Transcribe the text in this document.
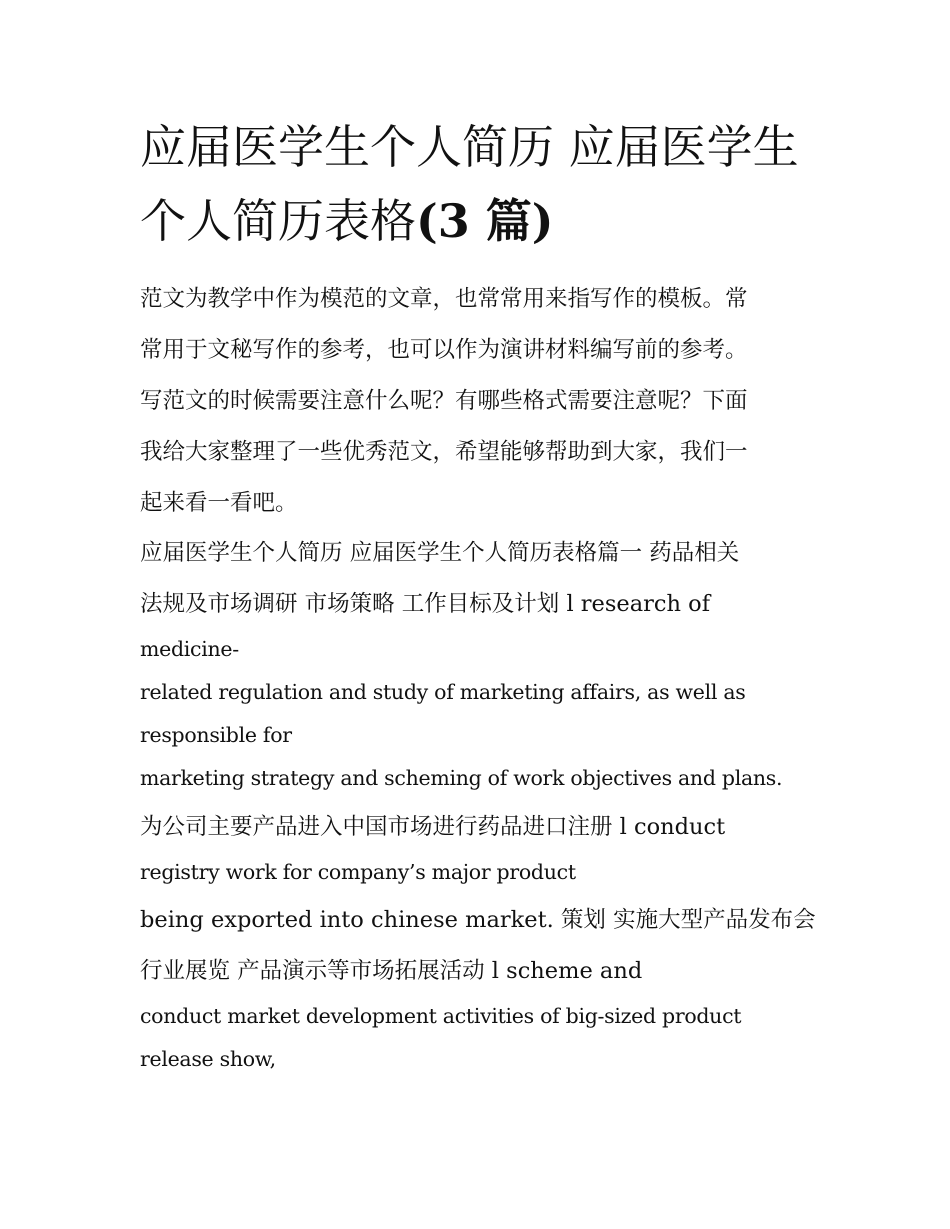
应届医学生个人简历 应届医学生个人简历表格(3 篇)

范文为教学中作为模范的文章，也常常用来指写作的模板。常

常用于文秘写作的参考，也可以作为演讲材料编写前的参考。

写范文的时候需要注意什么呢？有哪些格式需要注意呢？下面

我给大家整理了一些优秀范文，希望能够帮助到大家，我们一

起来看一看吧。

应届医学生个人简历 应届医学生个人简历表格篇一 药品相关

法规及市场调研 市场策略 工作目标及计划 l research of

medicine-

related regulation and study of marketing affairs, as well as

responsible for

marketing strategy and scheming of work objectives and plans.

为公司主要产品进入中国市场进行药品进口注册 l conduct

registry work for company’s major product

being exported into chinese market. 策划 实施大型产品发布会

行业展览 产品演示等市场拓展活动 l scheme and

conduct market development activities of big-sized product

release show,
